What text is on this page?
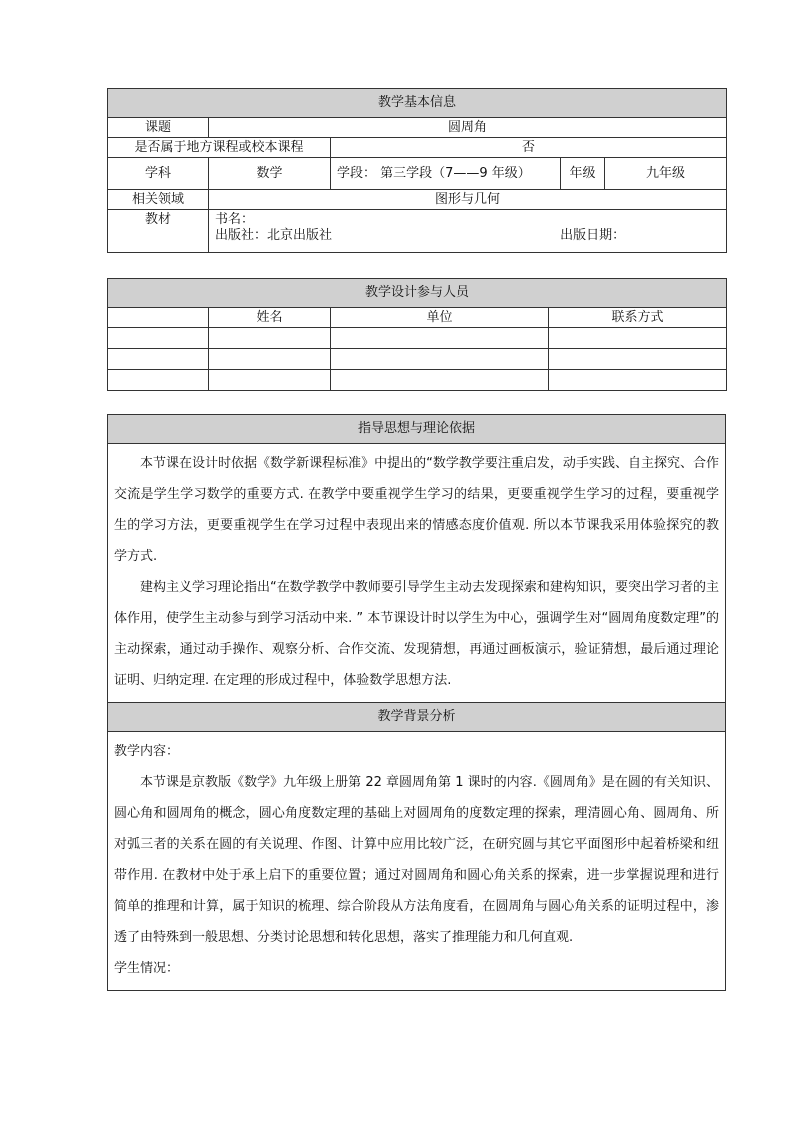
教学基本信息				
课题	圆周角			
是否属于地方课程或校本课程		否		
学科	数学	学段： 第三学段（7——9 年级）	年级	九年级
相关领域	图形与几何			
教材	书名：
出版社：北京出版社 出版日期：			
教学设计参与人员			
	姓名	单位	联系方式

指导思想与理论依据

本节课在设计时依据《数学新课程标准》中提出的“数学教学要注重启发，动手实践、自主探究、合作交流是学生学习数学的重要方式. 在教学中要重视学生学习的结果，更要重视学生学习的过程，要重视学生的学习方法，更要重视学生在学习过程中表现出来的情感态度价值观. 所以本节课我采用体验探究的教学方式.

建构主义学习理论指出“在数学教学中教师要引导学生主动去发现探索和建构知识，要突出学习者的主体作用，使学生主动参与到学习活动中来. ” 本节课设计时以学生为中心，强调学生对“圆周角度数定理”的主动探索，通过动手操作、观察分析、合作交流、发现猜想，再通过画板演示，验证猜想，最后通过理论证明、归纳定理. 在定理的形成过程中，体验数学思想方法.

教学背景分析

教学内容：

本节课是京教版《数学》九年级上册第 22 章圆周角第 1 课时的内容.《圆周角》是在圆的有关知识、圆心角和圆周角的概念，圆心角度数定理的基础上对圆周角的度数定理的探索，理清圆心角、圆周角、所对弧三者的关系在圆的有关说理、作图、计算中应用比较广泛，在研究圆与其它平面图形中起着桥梁和纽带作用. 在教材中处于承上启下的重要位置；通过对圆周角和圆心角关系的探索，进一步掌握说理和进行简单的推理和计算，属于知识的梳理、综合阶段从方法角度看，在圆周角与圆心角关系的证明过程中，渗透了由特殊到一般思想、分类讨论思想和转化思想，落实了推理能力和几何直观.

学生情况：
